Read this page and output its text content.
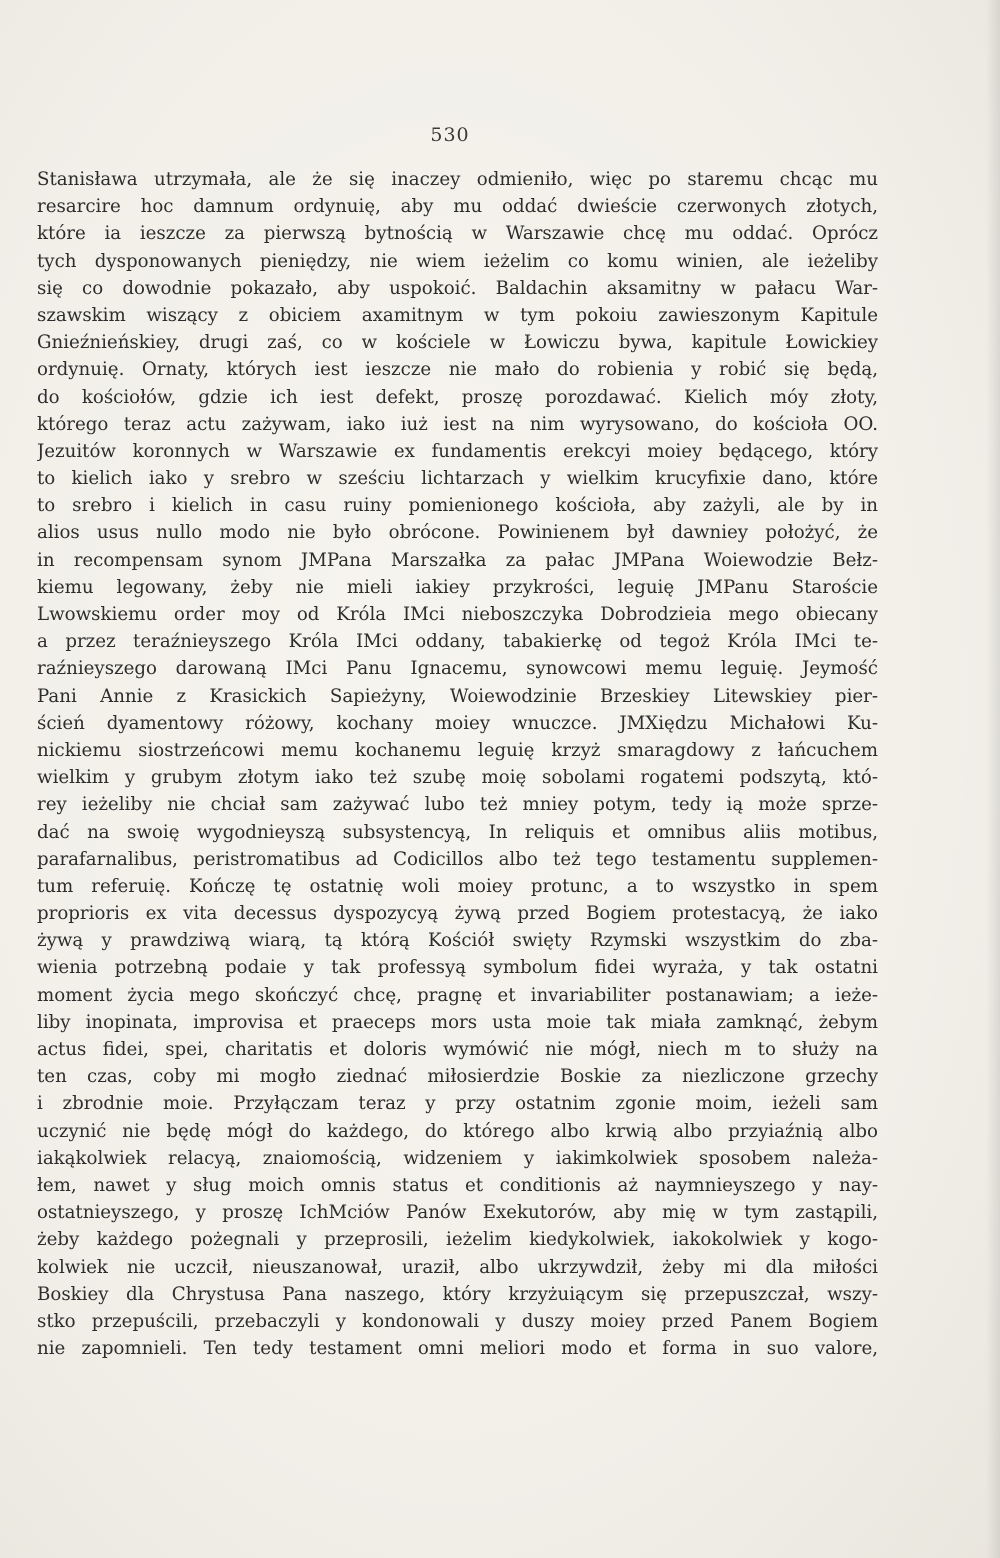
530
Stanisława utrzymała, ale że się inaczey odmieniło, więc po staremu chcąc mu
resarcire hoc damnum ordynuię, aby mu oddać dwieście czerwonych złotych,
które ia ieszcze za pierwszą bytnością w Warszawie chcę mu oddać. Oprócz
tych dysponowanych pieniędzy, nie wiem ieżelim co komu winien, ale ieżeliby
się co dowodnie pokazało, aby uspokoić. Baldachin aksamitny w pałacu War-
szawskim wiszący z obiciem axamitnym w tym pokoiu zawieszonym Kapitule
Gnieźnieńskiey, drugi zaś, co w kościele w Łowiczu bywa, kapitule Łowickiey
ordynuię. Ornaty, których iest ieszcze nie mało do robienia y robić się będą,
do kościołów, gdzie ich iest defekt, proszę porozdawać. Kielich móy złoty,
którego teraz actu zażywam, iako iuż iest na nim wyrysowano, do kościoła OO.
Jezuitów koronnych w Warszawie ex fundamentis erekcyi moiey będącego, który
to kielich iako y srebro w sześciu lichtarzach y wielkim krucyfixie dano, które
to srebro i kielich in casu ruiny pomienionego kościoła, aby zażyli, ale by in
alios usus nullo modo nie było obrócone. Powinienem był dawniey położyć, że
in recompensam synom JMPana Marszałka za pałac JMPana Woiewodzie Bełz-
kiemu legowany, żeby nie mieli iakiey przykrości, leguię JMPanu Staroście
Lwowskiemu order moy od Króla IMci nieboszczyka Dobrodzieia mego obiecany
a przez teraźnieyszego Króla IMci oddany, tabakierkę od tegoż Króla IMci te-
raźnieyszego darowaną IMci Panu Ignacemu, synowcowi memu leguię. Jeymość
Pani Annie z Krasickich Sapieżyny, Woiewodzinie Brzeskiey Litewskiey pier-
ścień dyamentowy różowy, kochany moiey wnuczce. JMXiędzu Michałowi Ku-
nickiemu siostrzeńcowi memu kochanemu leguię krzyż smaragdowy z łańcuchem
wielkim y grubym złotym iako też szubę moię sobolami rogatemi podszytą, któ-
rey ieżeliby nie chciał sam zażywać lubo też mniey potym, tedy ią może sprze-
dać na swoię wygodnieyszą subsystencyą, In reliquis et omnibus aliis motibus,
parafarnalibus, peristromatibus ad Codicillos albo też tego testamentu supplemen-
tum referuię. Kończę tę ostatnię woli moiey protunc, a to wszystko in spem
proprioris ex vita decessus dyspozycyą żywą przed Bogiem protestacyą, że iako
żywą y prawdziwą wiarą, tą którą Kościół swięty Rzymski wszystkim do zba-
wienia potrzebną podaie y tak professyą symbolum fidei wyraża, y tak ostatni
moment życia mego skończyć chcę, pragnę et invariabiliter postanawiam; a ieże-
liby inopinata, improvisa et praeceps mors usta moie tak miała zamknąć, żebym
actus fidei, spei, charitatis et doloris wymówić nie mógł, niech m to służy na
ten czas, coby mi mogło ziednać miłosierdzie Boskie za niezliczone grzechy
i zbrodnie moie. Przyłączam teraz y przy ostatnim zgonie moim, ieżeli sam
uczynić nie będę mógł do każdego, do którego albo krwią albo przyiaźnią albo
iakąkolwiek relacyą, znaiomością, widzeniem y iakimkolwiek sposobem należa-
łem, nawet y sług moich omnis status et conditionis aż naymnieyszego y nay-
ostatnieyszego, y proszę IchMciów Panów Exekutorów, aby mię w tym zastąpili,
żeby każdego pożegnali y przeprosili, ieżelim kiedykolwiek, iakokolwiek y kogo-
kolwiek nie uczcił, nieuszanował, uraził, albo ukrzywdził, żeby mi dla miłości
Boskiey dla Chrystusa Pana naszego, który krzyżuiącym się przepuszczał, wszy-
stko przepuścili, przebaczyli y kondonowali y duszy moiey przed Panem Bogiem
nie zapomnieli. Ten tedy testament omni meliori modo et forma in suo valore,
